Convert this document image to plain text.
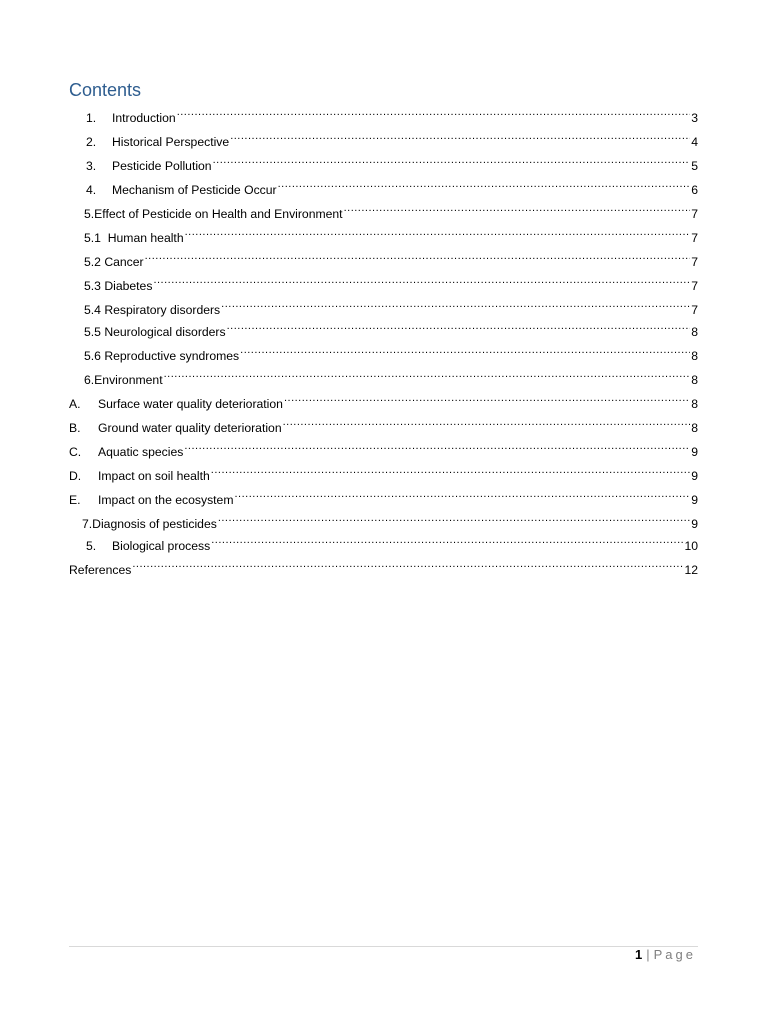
Contents
1.	Introduction .....	3
2.	Historical Perspective .....	4
3.	Pesticide Pollution .....	5
4.	Mechanism of Pesticide Occur .....	6
5.Effect of Pesticide on Health and Environment .....	7
5.1  Human health .....	7
5.2 Cancer .....	7
5.3 Diabetes .....	7
5.4 Respiratory disorders .....	7
5.5 Neurological disorders .....	8
5.6 Reproductive syndromes .....	8
6.Environment .....	8
A.	Surface water quality deterioration .....	8
B.	Ground water quality deterioration .....	8
C.	Aquatic species .....	9
D.	Impact on soil health .....	9
E.	Impact on the ecosystem .....	9
7.Diagnosis of pesticides .....	9
5.	Biological process .....	10
References .....	12
1 | Page
